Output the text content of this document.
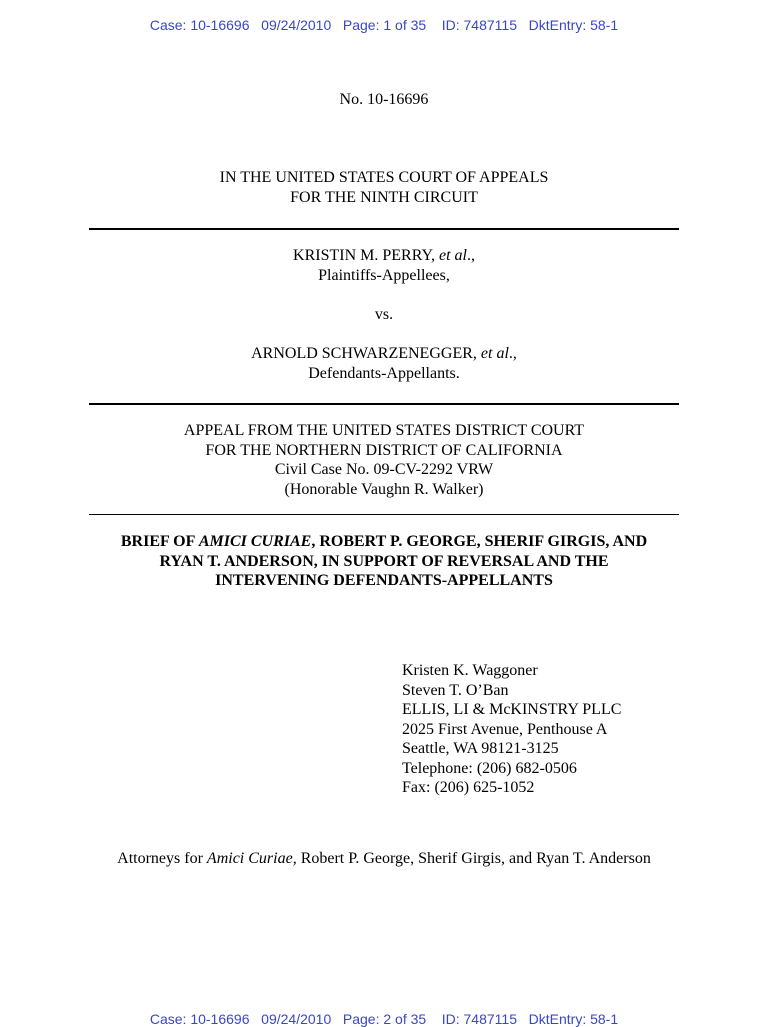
Case: 10-16696   09/24/2010   Page: 1 of 35    ID: 7487115   DktEntry: 58-1
No. 10-16696
IN THE UNITED STATES COURT OF APPEALS
FOR THE NINTH CIRCUIT
KRISTIN M. PERRY, et al.,
Plaintiffs-Appellees,
vs.
ARNOLD SCHWARZENEGGER, et al.,
Defendants-Appellants.
APPEAL FROM THE UNITED STATES DISTRICT COURT
FOR THE NORTHERN DISTRICT OF CALIFORNIA
Civil Case No. 09-CV-2292 VRW
(Honorable Vaughn R. Walker)
BRIEF OF AMICI CURIAE, ROBERT P. GEORGE, SHERIF GIRGIS, AND
RYAN T. ANDERSON, IN SUPPORT OF REVERSAL AND THE
INTERVENING DEFENDANTS-APPELLANTS
Kristen K. Waggoner
Steven T. O’Ban
ELLIS, LI & McKINSTRY PLLC
2025 First Avenue, Penthouse A
Seattle, WA 98121-3125
Telephone: (206) 682-0506
Fax: (206) 625-1052
Attorneys for Amici Curiae, Robert P. George, Sherif Girgis, and Ryan T. Anderson
Case: 10-16696   09/24/2010   Page: 2 of 35    ID: 7487115   DktEntry: 58-1
